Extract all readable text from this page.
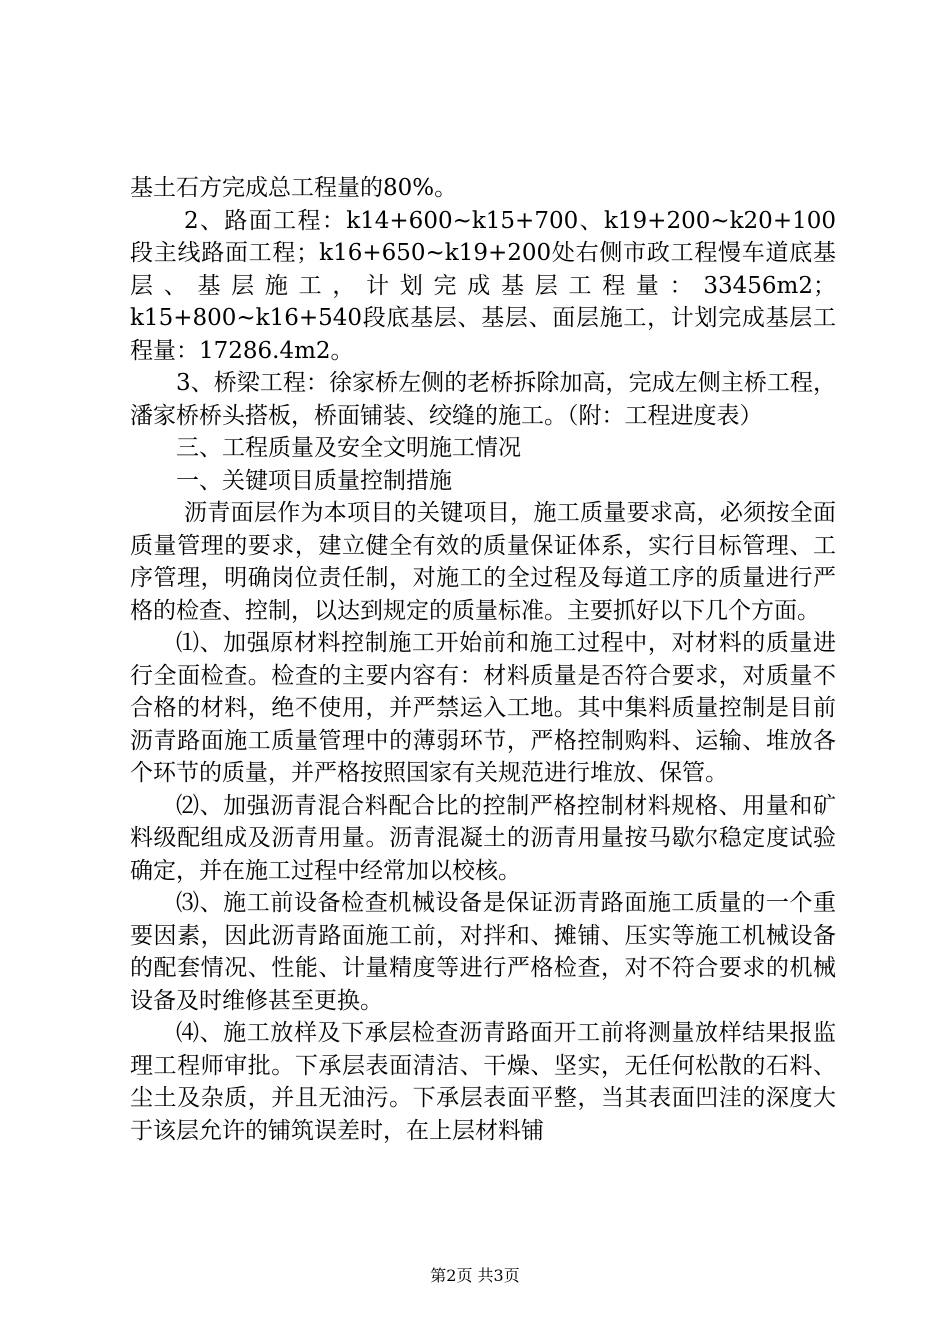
基土石方完成总工程量的80%。

2、路面工程：k14+600~k15+700、k19+200~k20+100段主线路面工程；k16+650~k19+200处右侧市政工程慢车道底基层、基层施工，计划完成基层工程量：33456m2；k15+800~k16+540段底基层、基层、面层施工，计划完成基层工程量：17286.4m2。

3、桥梁工程：徐家桥左侧的老桥拆除加高，完成左侧主桥工程，潘家桥桥头搭板，桥面铺装、绞缝的施工。（附：工程进度表）

三、工程质量及安全文明施工情况

一、关键项目质量控制措施

沥青面层作为本项目的关键项目，施工质量要求高，必须按全面质量管理的要求，建立健全有效的质量保证体系，实行目标管理、工序管理，明确岗位责任制，对施工的全过程及每道工序的质量进行严格的检查、控制，以达到规定的质量标准。主要抓好以下几个方面。

⑴、加强原材料控制施工开始前和施工过程中，对材料的质量进行全面检查。检查的主要内容有：材料质量是否符合要求，对质量不合格的材料，绝不使用，并严禁运入工地。其中集料质量控制是目前沥青路面施工质量管理中的薄弱环节，严格控制购料、运输、堆放各个环节的质量，并严格按照国家有关规范进行堆放、保管。

⑵、加强沥青混合料配合比的控制严格控制材料规格、用量和矿料级配组成及沥青用量。沥青混凝土的沥青用量按马歇尔稳定度试验确定，并在施工过程中经常加以校核。

⑶、施工前设备检查机械设备是保证沥青路面施工质量的一个重要因素，因此沥青路面施工前，对拌和、摊铺、压实等施工机械设备的配套情况、性能、计量精度等进行严格检查，对不符合要求的机械设备及时维修甚至更换。

⑷、施工放样及下承层检查沥青路面开工前将测量放样结果报监理工程师审批。下承层表面清洁、干燥、坚实，无任何松散的石料、尘土及杂质，并且无油污。下承层表面平整，当其表面凹洼的深度大于该层允许的铺筑误差时，在上层材料铺

第2页 共3页
